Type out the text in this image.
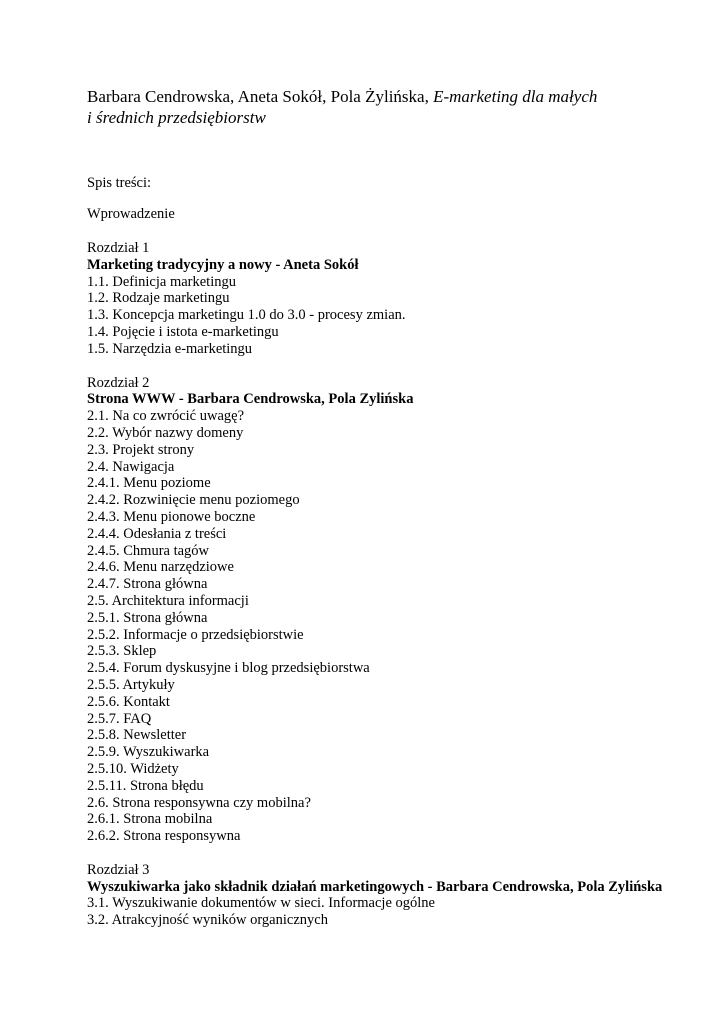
Barbara Cendrowska, Aneta Sokół, Pola Żylińska, E-marketing dla małych
i średnich przedsiębiorstw

Spis treści:
Wprowadzenie
Rozdział 1
Marketing tradycyjny a nowy - Aneta Sokół
1.1. Definicja marketingu
1.2. Rodzaje marketingu
1.3. Koncepcja marketingu 1.0 do 3.0 - procesy zmian.
1.4. Pojęcie i istota e-marketingu
1.5. Narzędzia e-marketingu
Rozdział 2
Strona WWW - Barbara Cendrowska, Pola Zylińska
2.1. Na co zwrócić uwagę?
2.2. Wybór nazwy domeny
2.3. Projekt strony
2.4. Nawigacja
2.4.1. Menu poziome
2.4.2. Rozwinięcie menu poziomego
2.4.3. Menu pionowe boczne
2.4.4. Odesłania z treści
2.4.5. Chmura tagów
2.4.6. Menu narzędziowe
2.4.7. Strona główna
2.5. Architektura informacji
2.5.1. Strona główna
2.5.2. Informacje o przedsiębiorstwie
2.5.3. Sklep
2.5.4. Forum dyskusyjne i blog przedsiębiorstwa
2.5.5. Artykuły
2.5.6. Kontakt
2.5.7. FAQ
2.5.8. Newsletter
2.5.9. Wyszukiwarka
2.5.10. Widżety
2.5.11. Strona błędu
2.6. Strona responsywna czy mobilna?
2.6.1. Strona mobilna
2.6.2. Strona responsywna
Rozdział 3
Wyszukiwarka jako składnik działań marketingowych - Barbara Cendrowska, Pola Zylińska
3.1. Wyszukiwanie dokumentów w sieci. Informacje ogólne
3.2. Atrakcyjność wyników organicznych
